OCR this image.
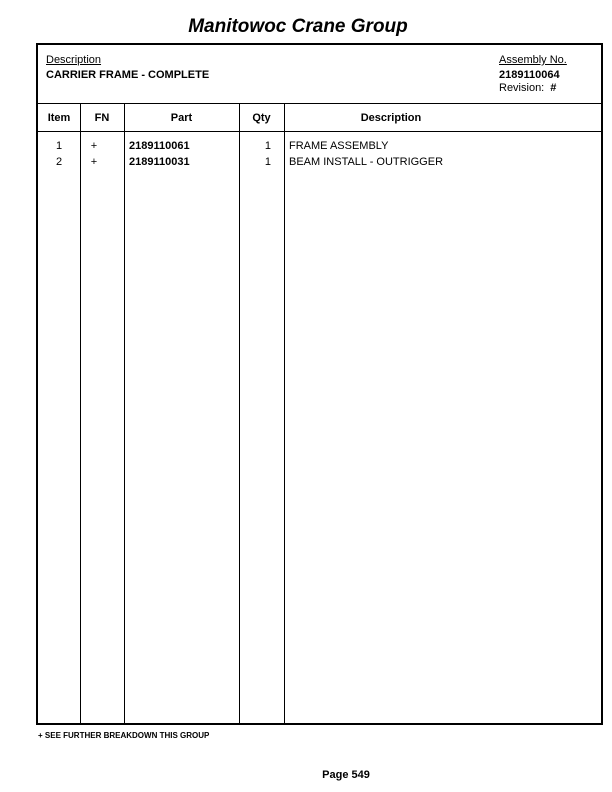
Manitowoc Crane Group
Description
CARRIER FRAME - COMPLETE
Assembly No.
2189110064
Revision: #
Item	FN	Part	Qty	Description
1	+	2189110061	1 FRAME ASSEMBLY
2	+	2189110031	1 BEAM INSTALL - OUTRIGGER
+ SEE FURTHER BREAKDOWN THIS GROUP
Page 549
